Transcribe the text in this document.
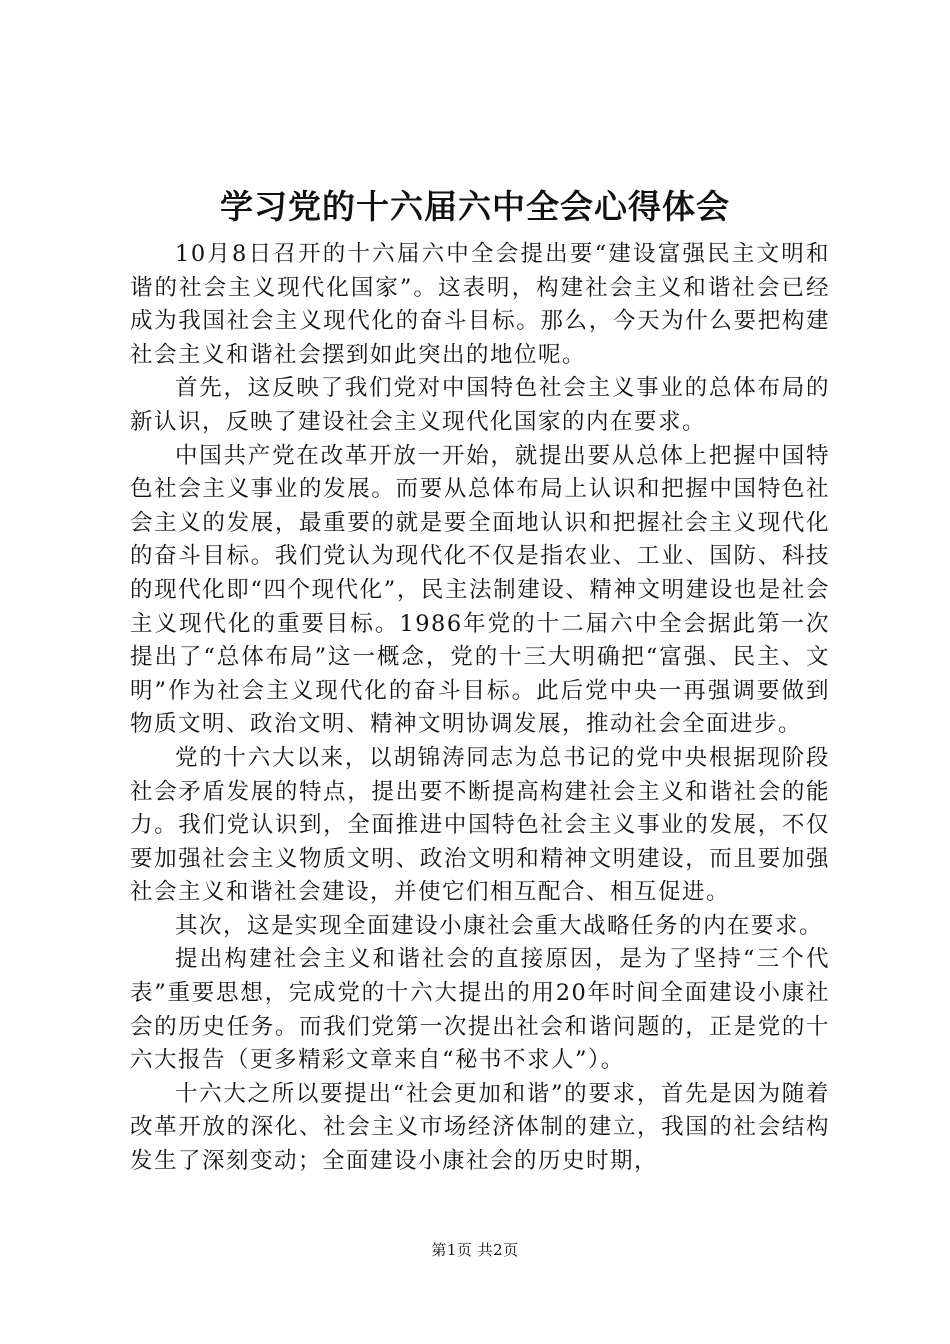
学习党的十六届六中全会心得体会

10月8日召开的十六届六中全会提出要“建设富强民主文明和谐的社会主义现代化国家”。这表明，构建社会主义和谐社会已经成为我国社会主义现代化的奋斗目标。那么，今天为什么要把构建社会主义和谐社会摆到如此突出的地位呢。

首先，这反映了我们党对中国特色社会主义事业的总体布局的新认识，反映了建设社会主义现代化国家的内在要求。

中国共产党在改革开放一开始，就提出要从总体上把握中国特色社会主义事业的发展。而要从总体布局上认识和把握中国特色社会主义的发展，最重要的就是要全面地认识和把握社会主义现代化的奋斗目标。我们党认为现代化不仅是指农业、工业、国防、科技的现代化即“四个现代化”，民主法制建设、精神文明建设也是社会主义现代化的重要目标。1986年党的十二届六中全会据此第一次提出了“总体布局”这一概念，党的十三大明确把“富强、民主、文明”作为社会主义现代化的奋斗目标。此后党中央一再强调要做到物质文明、政治文明、精神文明协调发展，推动社会全面进步。

党的十六大以来，以胡锦涛同志为总书记的党中央根据现阶段社会矛盾发展的特点，提出要不断提高构建社会主义和谐社会的能力。我们党认识到，全面推进中国特色社会主义事业的发展，不仅要加强社会主义物质文明、政治文明和精神文明建设，而且要加强社会主义和谐社会建设，并使它们相互配合、相互促进。

其次，这是实现全面建设小康社会重大战略任务的内在要求。

提出构建社会主义和谐社会的直接原因，是为了坚持“三个代表”重要思想，完成党的十六大提出的用20年时间全面建设小康社会的历史任务。而我们党第一次提出社会和谐问题的，正是党的十六大报告（更多精彩文章来自“秘书不求人”）。

十六大之所以要提出“社会更加和谐”的要求，首先是因为随着改革开放的深化、社会主义市场经济体制的建立，我国的社会结构发生了深刻变动；全面建设小康社会的历史时期，

第1页 共2页
